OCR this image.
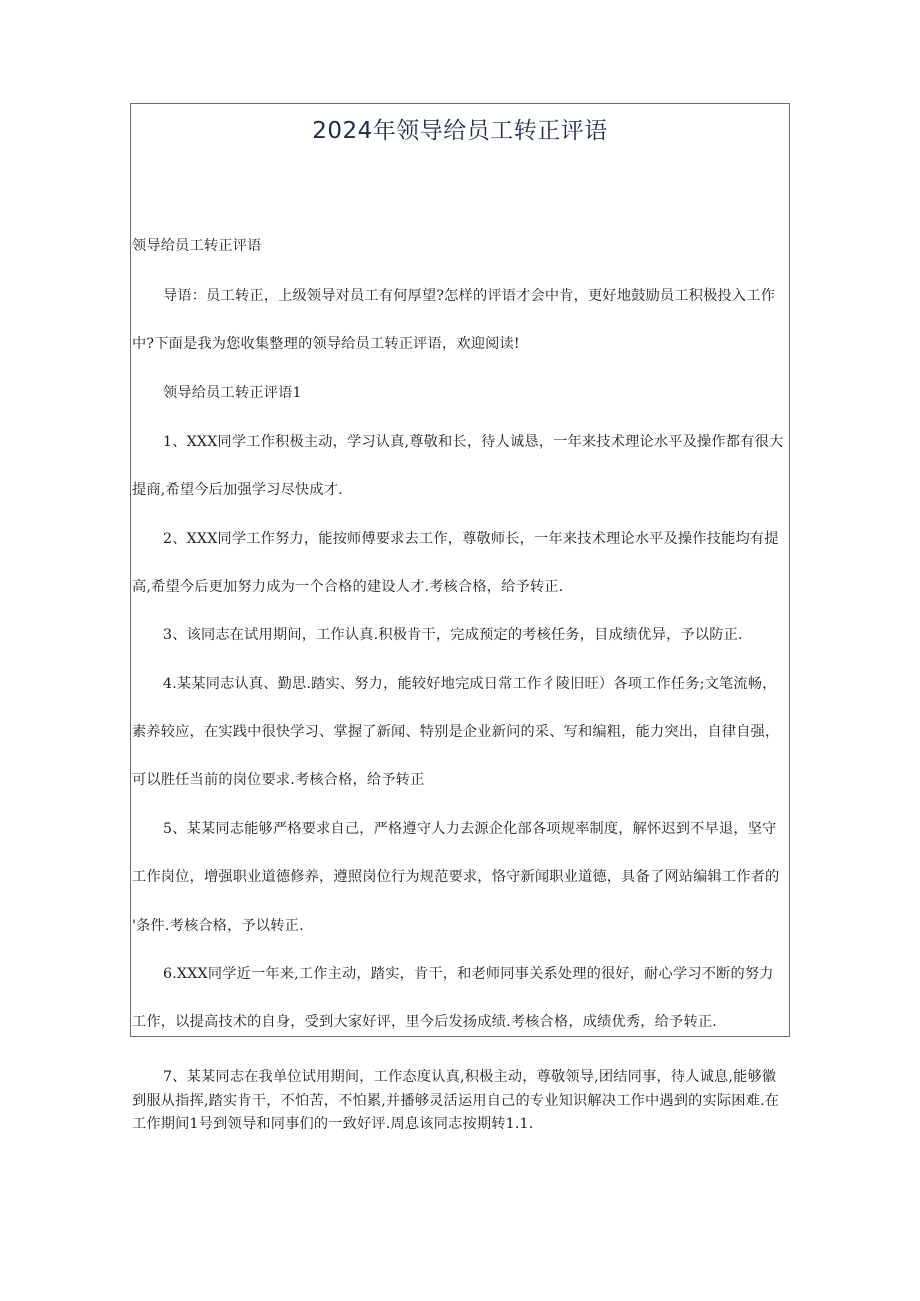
2024年领导给员工转正评语

领导给员工转正评语

导语：员工转正，上级领导对员工有何厚望?怎样的评语才会中肯，更好地鼓励员工积极投入工作

中?下面是我为您收集整理的领导给员工转正评语，欢迎阅读!

领导给员工转正评语1

1、XXX同学工作积极主动，学习认真,尊敬和长，待人诚恳，一年来技术理论水平及操作都有很大

提商,希望今后加强学习尽快成才.

2、XXX同学工作努力，能按师傅要求去工作，尊敬师长，一年来技术理论水平及操作技能均有提

高,希望今后更加努力成为一个合格的建设人才.考核合格，给予转正.

3、该同志在试用期间，工作认真.积极肯干，完成预定的考核任务，目成绩优异，予以防正.

4.某某同志认真、勤思.踏实、努力，能较好地完成日常工作彳陵旧旺）各项工作任务;文笔流畅，

素养较应，在实践中很快学习、掌握了新闻、特别是企业新问的采、写和编粗，能力突出，自律自强，

可以胜任当前的岗位要求.考核合格，给予转正

5、某某同志能够严格要求自己，严格遵守人力去源企化部各项规率制度，解怀迟到不早退，坚守

工作岗位，增强职业道德修养，遵照岗位行为规范要求，恪守新闻职业道德，具备了网站编辑工作者的

'条件.考核合格，予以转正.

6.XXX同学近一年来,工作主动，踏实，肯干，和老师同事关系处理的很好，耐心学习不断的努力

工作，以提高技术的自身，受到大家好评，里今后发扬成绩.考核合格，成绩优秀，给予转正.

7、某某同志在我单位试用期间，工作态度认真,积极主动，尊敬领导,团结同事，待人诚息,能够徽到服从指挥,踏实肯干，不怕苦，不怕累,并播够灵活运用自己的专业知识解决工作中遇到的实际困难.在工作期间1号到领导和同事们的一致好评.周息该同志按期转1.1.
